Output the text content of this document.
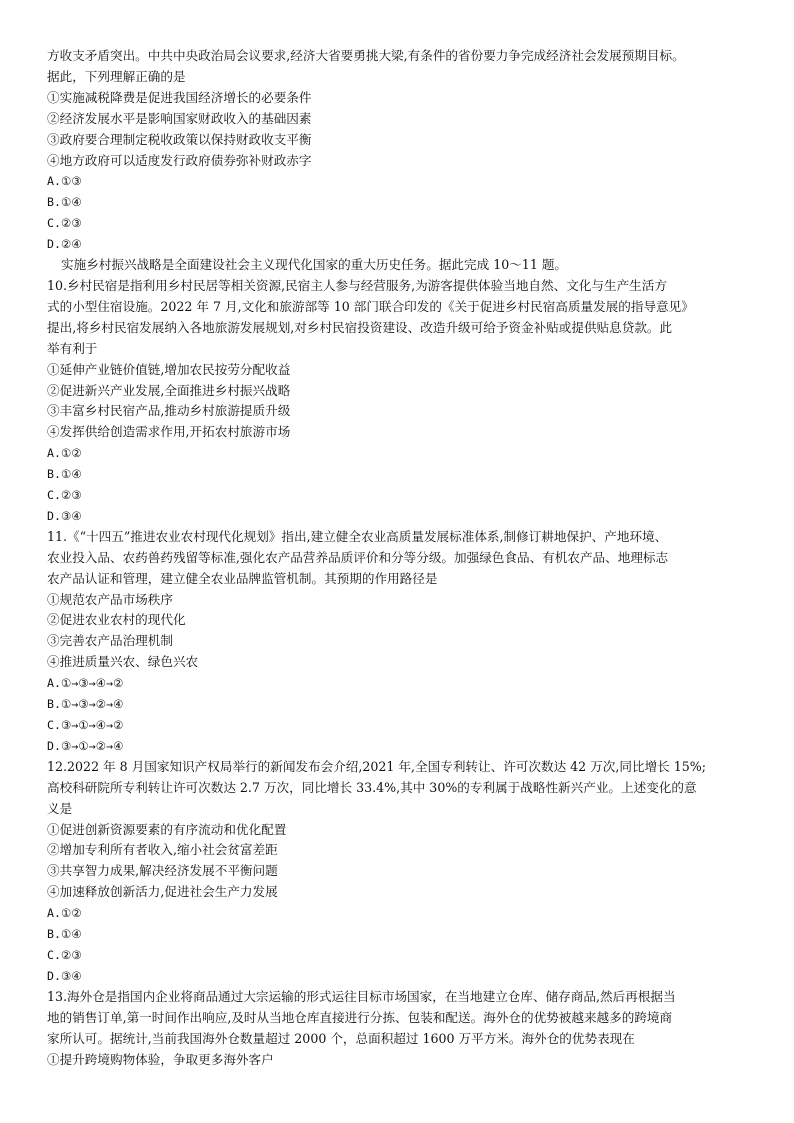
方收支矛盾突出。中共中央政治局会议要求,经济大省要勇挑大梁,有条件的省份要力争完成经济社会发展预期目标。
据此，下列理解正确的是
①实施减税降费是促进我国经济增长的必要条件
②经济发展水平是影响国家财政收入的基础因素
③政府要合理制定税收政策以保持财政收支平衡
④地方政府可以适度发行政府债券弥补财政赤字
A.①③
B.①④
C.②③
D.②④
实施乡村振兴战略是全面建设社会主义现代化国家的重大历史任务。据此完成 10～11 题。
10.乡村民宿是指利用乡村民居等相关资源,民宿主人参与经营服务,为游客提供体验当地自然、文化与生产生活方
式的小型住宿设施。2022 年 7 月,文化和旅游部等 10 部门联合印发的《关于促进乡村民宿高质量发展的指导意见》
提出,将乡村民宿发展纳入各地旅游发展规划,对乡村民宿投资建设、改造升级可给予资金补贴或提供贴息贷款。此
举有利于
①延伸产业链价值链,增加农民按劳分配收益
②促进新兴产业发展,全面推进乡村振兴战略
③丰富乡村民宿产品,推动乡村旅游提质升级
④发挥供给创造需求作用,开拓农村旅游市场
A.①②
B.①④
C.②③
D.③④
11.《“十四五”推进农业农村现代化规划》指出,建立健全农业高质量发展标准体系,制修订耕地保护、产地环境、
农业投入品、农药兽药残留等标准,强化农产品营养品质评价和分等分级。加强绿色食品、有机农产品、地理标志
农产品认证和管理，建立健全农业品牌监管机制。其预期的作用路径是
①规范农产品市场秩序
②促进农业农村的现代化
③完善农产品治理机制
④推进质量兴农、绿色兴农
A.①→③→④→②
B.①→③→②→④
C.③→①→④→②
D.③→①→②→④
12.2022 年 8 月国家知识产权局举行的新闻发布会介绍,2021 年,全国专利转让、许可次数达 42 万次,同比增长 15%;
高校科研院所专利转让许可次数达 2.7 万次，同比增长 33.4%,其中 30%的专利属于战略性新兴产业。上述变化的意
义是
①促进创新资源要素的有序流动和优化配置
②增加专利所有者收入,缩小社会贫富差距
③共享智力成果,解决经济发展不平衡问题
④加速释放创新活力,促进社会生产力发展
A.①②
B.①④
C.②③
D.③④
13.海外仓是指国内企业将商品通过大宗运输的形式运往目标市场国家，在当地建立仓库、储存商品,然后再根据当
地的销售订单,第一时间作出响应,及时从当地仓库直接进行分拣、包装和配送。海外仓的优势被越来越多的跨境商
家所认可。据统计,当前我国海外仓数量超过 2000 个，总面积超过 1600 万平方米。海外仓的优势表现在
①提升跨境购物体验，争取更多海外客户
